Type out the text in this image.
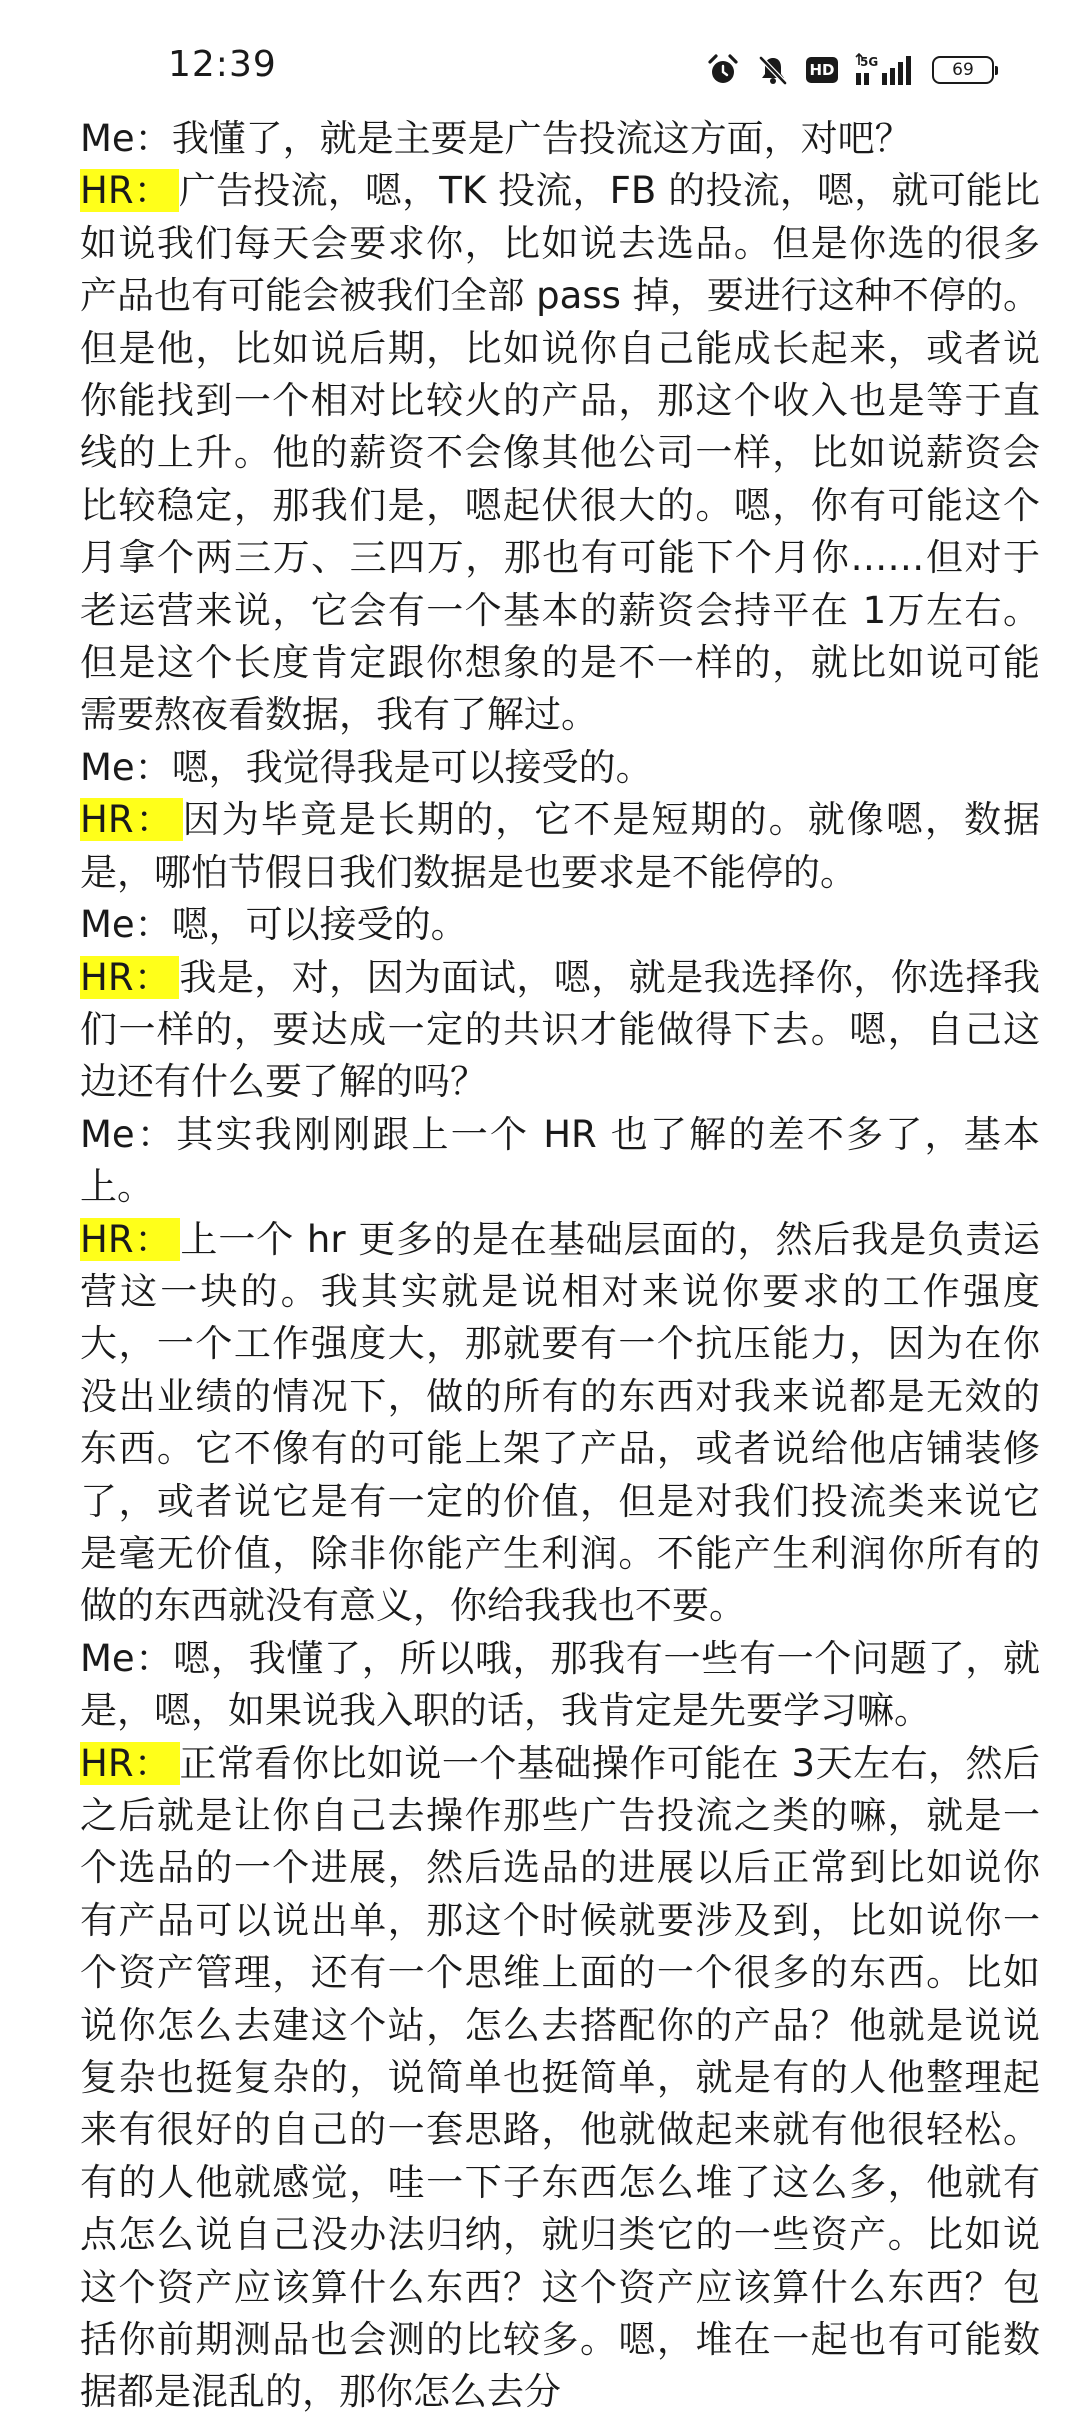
12:39	HD 5G	69

Me：我懂了，就是主要是广告投流这方面，对吧？

HR： 广告投流，嗯，TK 投流，FB 的投流，嗯，就可能比如说我们每天会要求你，比如说去选品。但是你选的很多产品也有可能会被我们全部 pass 掉，要进行这种不停的。但是他，比如说后期，比如说你自己能成长起来，或者说你能找到一个相对比较火的产品，那这个收入也是等于直线的上升。他的薪资不会像其他公司一样，比如说薪资会比较稳定，那我们是，嗯起伏很大的。嗯，你有可能这个月拿个两三万、三四万，那也有可能下个月你……但对于老运营来说，它会有一个基本的薪资会持平在 1万左右。但是这个长度肯定跟你想象的是不一样的，就比如说可能需要熬夜看数据，我有了解过。

Me：嗯，我觉得我是可以接受的。

HR： 因为毕竟是长期的，它不是短期的。就像嗯，数据是，哪怕节假日我们数据是也要求是不能停的。

Me：嗯，可以接受的。

HR： 我是，对，因为面试，嗯，就是我选择你，你选择我们一样的，要达成一定的共识才能做得下去。嗯，自己这边还有什么要了解的吗？

Me：其实我刚刚跟上一个 HR 也了解的差不多了，基本上。

HR： 上一个 hr 更多的是在基础层面的，然后我是负责运营这一块的。我其实就是说相对来说你要求的工作强度大，一个工作强度大，那就要有一个抗压能力，因为在你没出业绩的情况下，做的所有的东西对我来说都是无效的东西。它不像有的可能上架了产品，或者说给他店铺装修了，或者说它是有一定的价值，但是对我们投流类来说它是毫无价值，除非你能产生利润。不能产生利润你所有的做的东西就没有意义，你给我我也不要。

Me：嗯，我懂了，所以哦，那我有一些有一个问题了，就是，嗯，如果说我入职的话，我肯定是先要学习嘛。

HR： 正常看你比如说一个基础操作可能在 3天左右，然后之后就是让你自己去操作那些广告投流之类的嘛，就是一个选品的一个进展，然后选品的进展以后正常到比如说你有产品可以说出单，那这个时候就要涉及到，比如说你一个资产管理，还有一个思维上面的一个很多的东西。比如说你怎么去建这个站，怎么去搭配你的产品？他就是说说复杂也挺复杂的，说简单也挺简单，就是有的人他整理起来有很好的自己的一套思路，他就做起来就有他很轻松。有的人他就感觉，哇一下子东西怎么堆了这么多，他就有点怎么说自己没办法归纳，就归类它的一些资产。比如说这个资产应该算什么东西？这个资产应该算什么东西？包括你前期测品也会测的比较多。嗯，堆在一起也有可能数据都是混乱的，那你怎么去分
